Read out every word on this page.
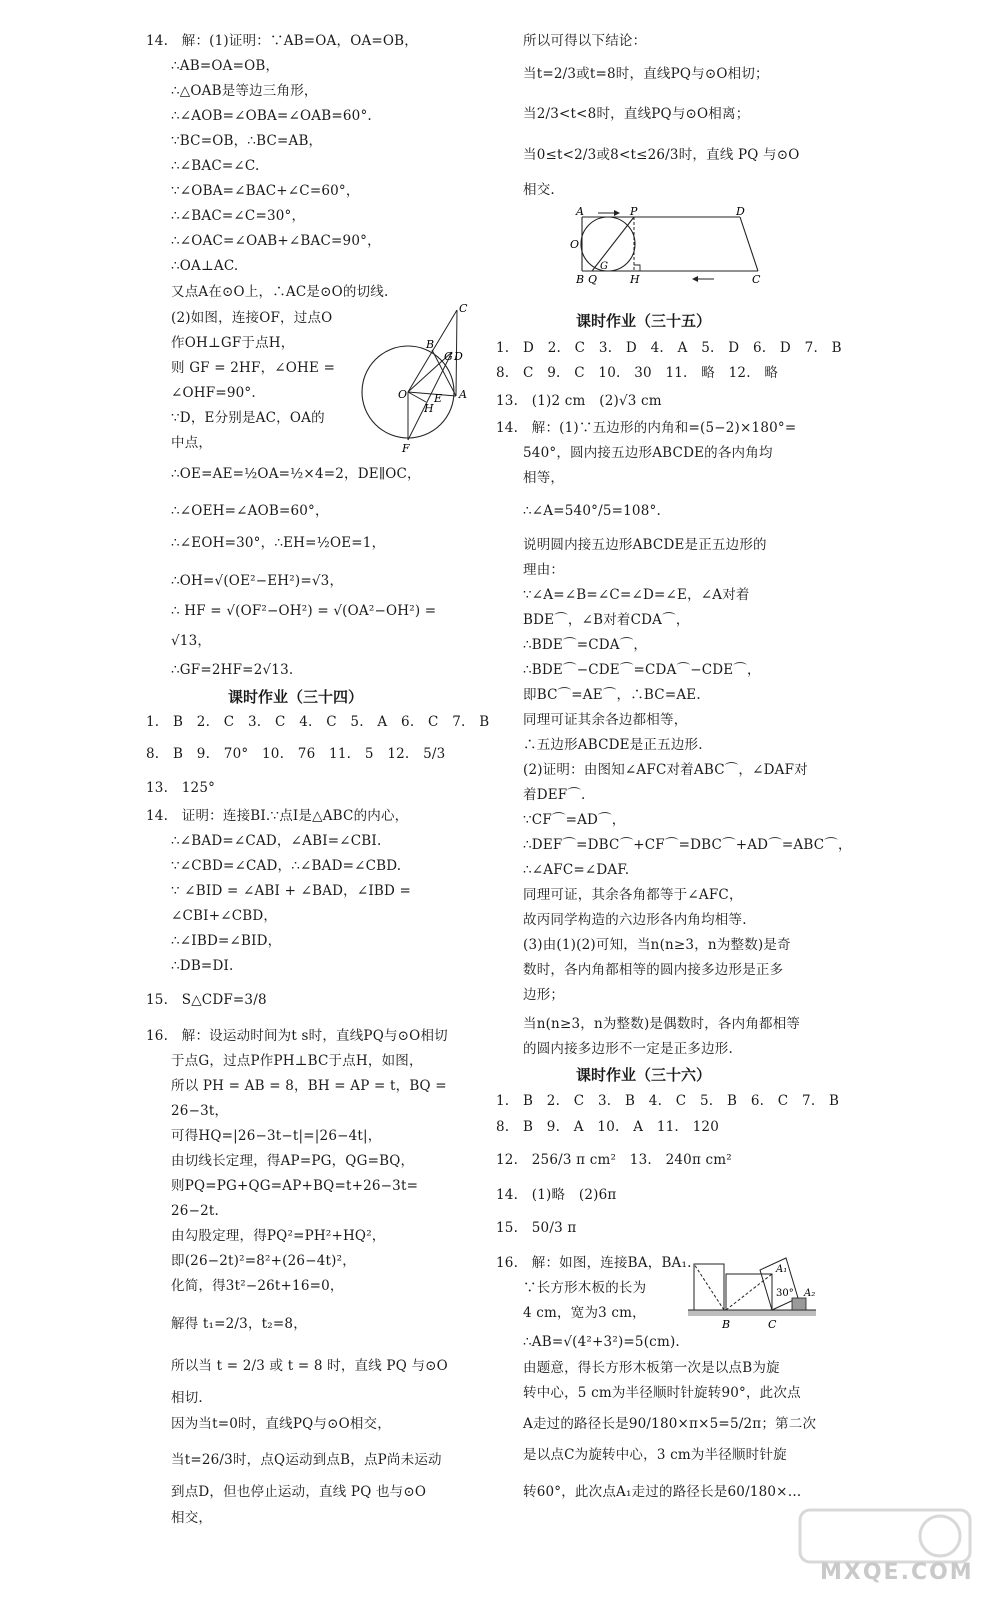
14.　解：(1)证明：∵AB=OA，OA=OB，
∴AB=OA=OB，
∴△OAB是等边三角形，
∴∠AOB=∠OBA=∠OAB=60°.
∵BC=OB，∴BC=AB，
∴∠BAC=∠C.
∵∠OBA=∠BAC+∠C=60°，
∴∠BAC=∠C=30°，
∴∠OAC=∠OAB+∠BAC=90°，
∴OA⊥AC.
又点A在⊙O上，∴AC是⊙O的切线.
(2)如图，连接OF，过点O
作OH⊥GF于点H，
则 GF = 2HF，∠OHE =
∠OHF=90°.
∵D，E分别是AC，OA的
中点，
∴OE=AE=½OA=½×4=2，DE∥OC，
∴∠OEH=∠AOB=60°，
∴∠EOH=30°，∴EH=½OE=1，
∴OH=√(OE²−EH²)=√3，
∴ HF = √(OF²−OH²) = √(OA²−OH²) =
√13，
∴GF=2HF=2√13.
课时作业（三十四）
1.　B　2.　C　3.　C　4.　C　5.　A　6.　C　7.　B
8.　B　9.　70°　10.　76　11.　5　12.　5/3
13.　125°
14.　证明：连接BI.∵点I是△ABC的内心，
∴∠BAD=∠CAD，∠ABI=∠CBI.
∵∠CBD=∠CAD，∴∠BAD=∠CBD.
∵ ∠BID = ∠ABI + ∠BAD，∠IBD =
∠CBI+∠CBD，
∴∠IBD=∠BID，
∴DB=DI.
15.　S△CDF=3/8
16.　解：设运动时间为t s时，直线PQ与⊙O相切
于点G，过点P作PH⊥BC于点H，如图，
所以 PH = AB = 8，BH = AP = t，BQ =
26−3t，
可得HQ=|26−3t−t|=|26−4t|，
由切线长定理，得AP=PG，QG=BQ，
则PQ=PG+QG=AP+BQ=t+26−3t=
26−2t.
由勾股定理，得PQ²=PH²+HQ²，
即(26−2t)²=8²+(26−4t)²，
化简，得3t²−26t+16=0，
解得 t₁=2/3，t₂=8，
所以当 t = 2/3 或 t = 8 时，直线 PQ 与⊙O
相切.
因为当t=0时，直线PQ与⊙O相交，
当t=26/3时，点Q运动到点B，点P尚未运动
到点D，但也停止运动，直线 PQ 也与⊙O
相交，
C
B
G D
O E
H
A
F
所以可得以下结论：
当t=2/3或t=8时，直线PQ与⊙O相切；
当2/3<t<8时，直线PQ与⊙O相离；
当0≤t<2/3或8<t≤26/3时，直线 PQ 与⊙O
相交.
课时作业（三十五）
1.　D　2.　C　3.　D　4.　A　5.　D　6.　D　7.　B
8.　C　9.　C　10.　30　11.　略　12.　略
13.　(1)2 cm　(2)√3 cm
14.　解：(1)∵五边形的内角和=(5−2)×180°=
540°，圆内接五边形ABCDE的各内角均
相等，
∴∠A=540°/5=108°.
说明圆内接五边形ABCDE是正五边形的
理由：
∵∠A=∠B=∠C=∠D=∠E，∠A对着
BDE⌒，∠B对着CDA⌒，
∴BDE⌒=CDA⌒，
∴BDE⌒−CDE⌒=CDA⌒−CDE⌒，
即BC⌒=AE⌒，∴BC=AE.
同理可证其余各边都相等，
∴五边形ABCDE是正五边形.
(2)证明：由图知∠AFC对着ABC⌒，∠DAF对
着DEF⌒.
∵CF⌒=AD⌒，
∴DEF⌒=DBC⌒+CF⌒=DBC⌒+AD⌒=ABC⌒，
∴∠AFC=∠DAF.
同理可证，其余各角都等于∠AFC，
故丙同学构造的六边形各内角均相等.
(3)由(1)(2)可知，当n(n≥3，n为整数)是奇
数时，各内角都相等的圆内接多边形是正多
边形；
当n(n≥3，n为整数)是偶数时，各内角都相等
的圆内接多边形不一定是正多边形.
课时作业（三十六）
1.　B　2.　C　3.　B　4.　C　5.　B　6.　C　7.　B
8.　B　9.　A　10.　A　11.　120
12.　256/3 π cm²　13.　240π cm²
14.　(1)略　(2)6π
15.　50/3 π
16.　解：如图，连接BA，BA₁.
∵长方形木板的长为
4 cm，宽为3 cm，
∴AB=√(4²+3²)=5(cm).
由题意，得长方形木板第一次是以点B为旋
转中心，5 cm为半径顺时针旋转90°，此次点
A走过的路径长是90/180×π×5=5/2π；第二次
是以点C为旋转中心，3 cm为半径顺时针旋
转60°，此次点A₁走过的路径长是60/180×…
A	P	D
O
G
B Q	H	C
30°
A₁
A₂
B	C
MXQE.COM
